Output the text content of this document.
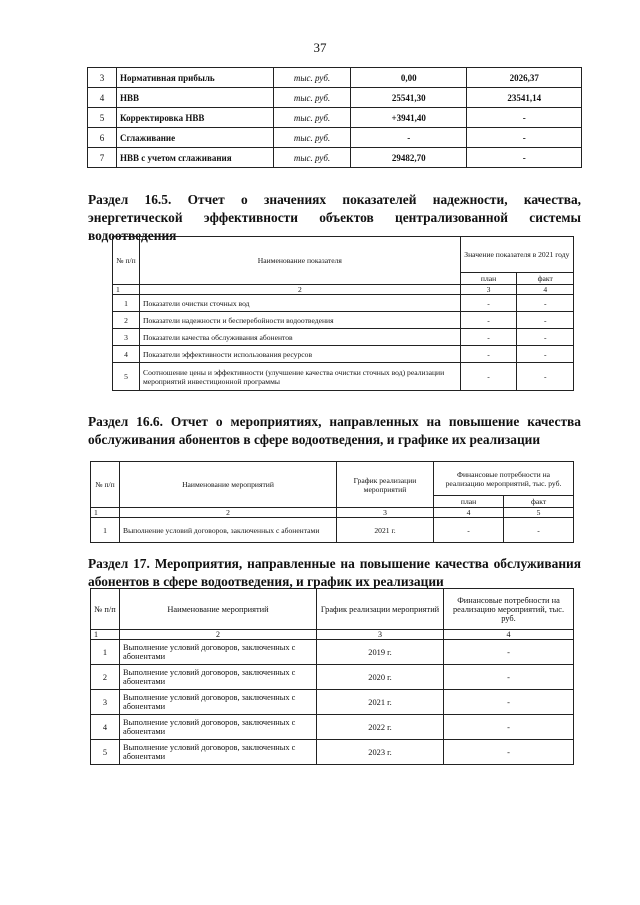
37
3	Нормативная прибыль	тыс. руб.	0,00	2026,37
4	НВВ	тыс. руб.	25541,30	23541,14
5	Корректировка НВВ	тыс. руб.	+3941,40	-
6	Сглаживание	тыс. руб.	-	-
7	НВВ с учетом сглаживания	тыс. руб.	29482,70	-
Раздел 16.5. Отчет о значениях показателей надежности, качества, энергетической эффективности объектов централизованной системы водоотведения
№ п/п	Наименование показателя	Значение показателя в 2021 году	
		план	факт
1	2	3	4
1	Показатели очистки сточных вод	-	-
2	Показатели надежности и бесперебойности водоотведения	-	-
3	Показатели качества обслуживания абонентов	-	-
4	Показатели эффективности использования ресурсов	-	-
5	Соотношение цены и эффективности (улучшение качества очистки сточных вод) реализации мероприятий инвестиционной программы	-	-
Раздел 16.6. Отчет о мероприятиях, направленных на повышение качества обслуживания абонентов в сфере водоотведения, и графике их реализации
№ п/п	Наименование мероприятий	График реализации мероприятий	Финансовые потребности на реализацию мероприятий, тыс. руб.	
			план	факт
1	2	3	4	5
1	Выполнение условий договоров, заключенных с абонентами	2021 г.	-	-
Раздел 17. Мероприятия, направленные на повышение качества обслуживания абонентов в сфере водоотведения, и график их реализации
№ п/п	Наименование мероприятий	График реализации мероприятий	Финансовые потребности на реализацию мероприятий, тыс. руб.
1	2	3	4
1	Выполнение условий договоров, заключенных с абонентами	2019 г.	-
2	Выполнение условий договоров, заключенных с абонентами	2020 г.	-
3	Выполнение условий договоров, заключенных с абонентами	2021 г.	-
4	Выполнение условий договоров, заключенных с абонентами	2022 г.	-
5	Выполнение условий договоров, заключенных с абонентами	2023 г.	-
